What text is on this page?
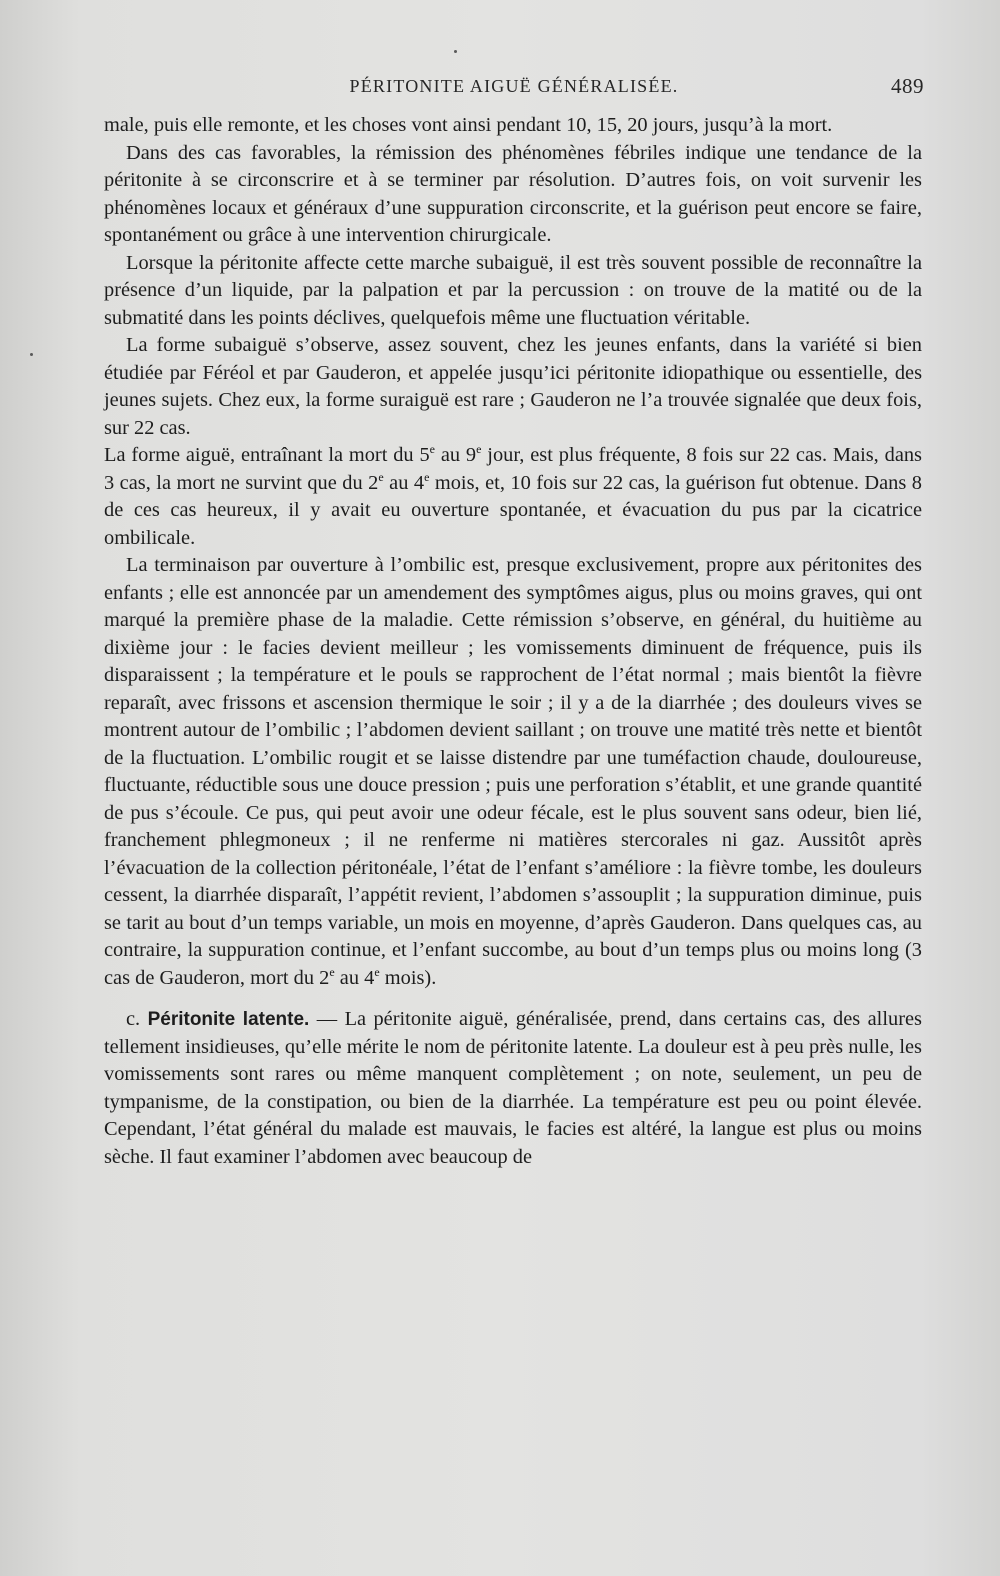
PÉRITONITE AIGUË GÉNÉRALISÉE.	489

male, puis elle remonte, et les choses vont ainsi pendant 10, 15, 20 jours, jusqu’à la mort.

Dans des cas favorables, la rémission des phénomènes fébriles indique une tendance de la péritonite à se circonscrire et à se terminer par résolution. D’autres fois, on voit survenir les phénomènes locaux et généraux d’une suppuration circonscrite, et la guérison peut encore se faire, spontanément ou grâce à une intervention chirurgicale.

Lorsque la péritonite affecte cette marche subaiguë, il est très souvent possible de reconnaître la présence d’un liquide, par la palpation et par la percussion : on trouve de la matité ou de la submatité dans les points déclives, quelquefois même une fluctuation véritable.

La forme subaiguë s’observe, assez souvent, chez les jeunes enfants, dans la variété si bien étudiée par Féréol et par Gauderon, et appelée jusqu’ici péritonite idiopathique ou essentielle, des jeunes sujets. Chez eux, la forme suraiguë est rare ; Gauderon ne l’a trouvée signalée que deux fois, sur 22 cas.

La forme aiguë, entraînant la mort du 5e au 9e jour, est plus fréquente, 8 fois sur 22 cas. Mais, dans 3 cas, la mort ne survint que du 2e au 4e mois, et, 10 fois sur 22 cas, la guérison fut obtenue. Dans 8 de ces cas heureux, il y avait eu ouverture spontanée, et évacuation du pus par la cicatrice ombilicale.

La terminaison par ouverture à l’ombilic est, presque exclusivement, propre aux péritonites des enfants ; elle est annoncée par un amendement des symptômes aigus, plus ou moins graves, qui ont marqué la première phase de la maladie. Cette rémission s’observe, en général, du huitième au dixième jour : le facies devient meilleur ; les vomissements diminuent de fréquence, puis ils disparaissent ; la température et le pouls se rapprochent de l’état normal ; mais bientôt la fièvre reparaît, avec frissons et ascension thermique le soir ; il y a de la diarrhée ; des douleurs vives se montrent autour de l’ombilic ; l’abdomen devient saillant ; on trouve une matité très nette et bientôt de la fluctuation. L’ombilic rougit et se laisse distendre par une tuméfaction chaude, douloureuse, fluctuante, réductible sous une douce pression ; puis une perforation s’établit, et une grande quantité de pus s’écoule. Ce pus, qui peut avoir une odeur fécale, est le plus souvent sans odeur, bien lié, franchement phlegmoneux ; il ne renferme ni matières stercorales ni gaz. Aussitôt après l’évacuation de la collection péritonéale, l’état de l’enfant s’améliore : la fièvre tombe, les douleurs cessent, la diarrhée disparaît, l’appétit revient, l’abdomen s’assouplit ; la suppuration diminue, puis se tarit au bout d’un temps variable, un mois en moyenne, d’après Gauderon. Dans quelques cas, au contraire, la suppuration continue, et l’enfant succombe, au bout d’un temps plus ou moins long (3 cas de Gauderon, mort du 2e au 4e mois).

c. Péritonite latente. — La péritonite aiguë, généralisée, prend, dans certains cas, des allures tellement insidieuses, qu’elle mérite le nom de péritonite latente. La douleur est à peu près nulle, les vomissements sont rares ou même manquent complètement ; on note, seulement, un peu de tympanisme, de la constipation, ou bien de la diarrhée. La température est peu ou point élevée. Cependant, l’état général du malade est mauvais, le facies est altéré, la langue est plus ou moins sèche. Il faut examiner l’abdomen avec beaucoup de
